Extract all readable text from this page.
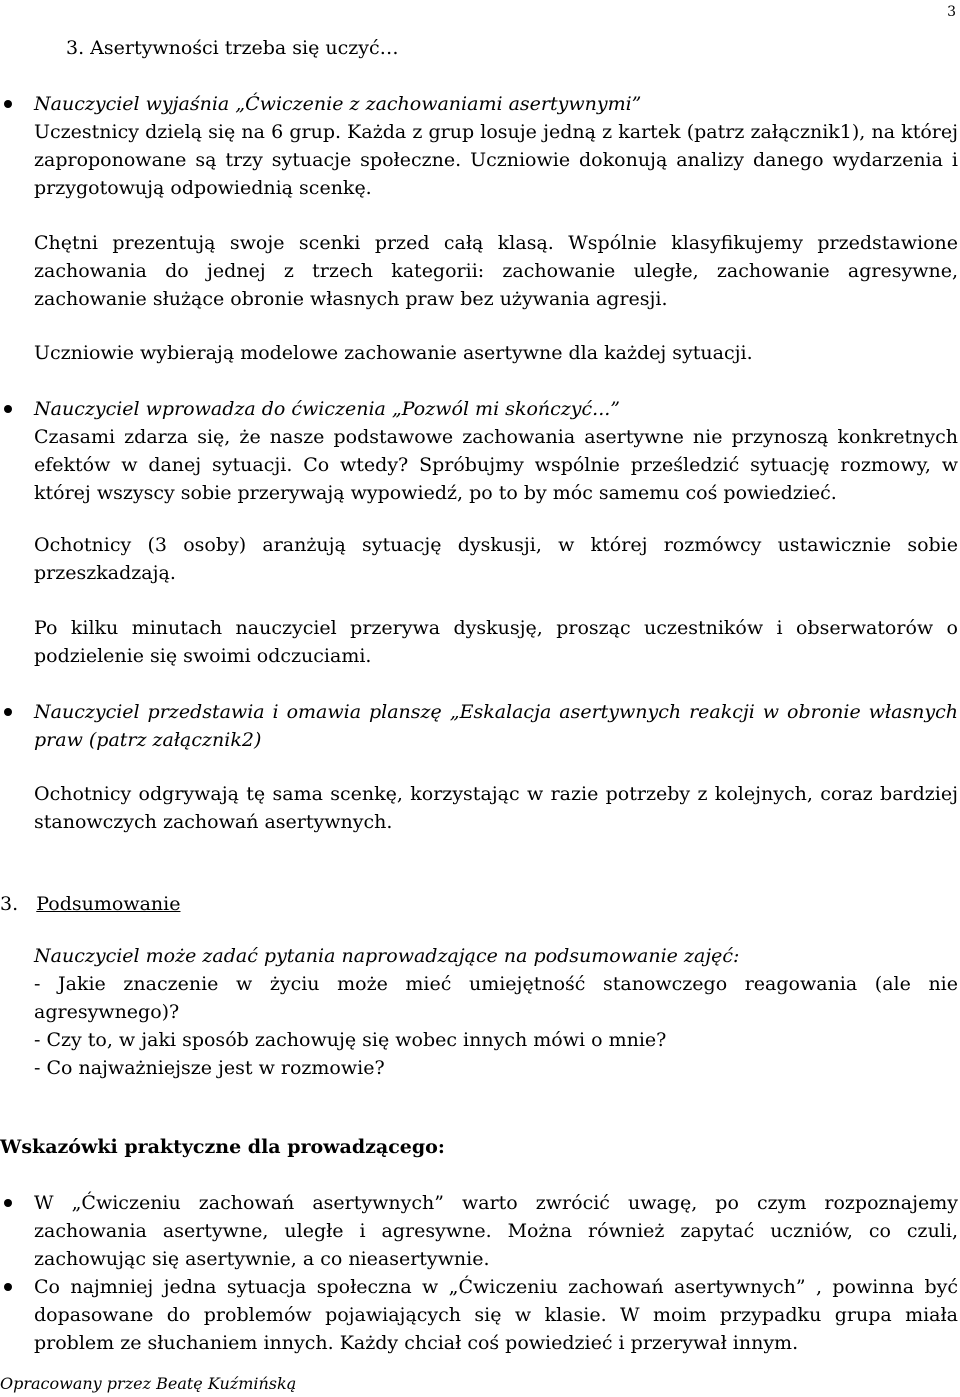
3

3. Asertywności trzeba się uczyć…

Nauczyciel wyjaśnia „Ćwiczenie z zachowaniami asertywnymi”

Uczestnicy dzielą się na 6 grup. Każda z grup losuje jedną z kartek (patrz załącznik1), na której zaproponowane są trzy sytuacje społeczne. Uczniowie dokonują analizy danego wydarzenia i przygotowują odpowiednią scenkę.

Chętni prezentują swoje scenki przed całą klasą. Wspólnie klasyfikujemy przedstawione zachowania do jednej z trzech kategorii: zachowanie uległe, zachowanie agresywne, zachowanie służące obronie własnych praw bez używania agresji.

Uczniowie wybierają modelowe zachowanie asertywne dla każdej sytuacji.

Nauczyciel wprowadza do ćwiczenia „Pozwól mi skończyć...”

Czasami zdarza się, że nasze podstawowe zachowania asertywne nie przynoszą konkretnych efektów w danej sytuacji. Co wtedy? Spróbujmy wspólnie prześledzić sytuację rozmowy, w której wszyscy sobie przerywają wypowiedź, po to by móc samemu coś powiedzieć.

Ochotnicy (3 osoby) aranżują sytuację dyskusji, w której rozmówcy ustawicznie sobie przeszkadzają.

Po kilku minutach nauczyciel przerywa dyskusję, prosząc uczestników i obserwatorów o podzielenie się swoimi odczuciami.

Nauczyciel przedstawia i omawia planszę „Eskalacja asertywnych reakcji w obronie własnych praw (patrz załącznik2)

Ochotnicy odgrywają tę sama scenkę, korzystając w razie potrzeby z kolejnych, coraz bardziej stanowczych zachowań asertywnych.

3. Podsumowanie

Nauczyciel może zadać pytania naprowadzające na podsumowanie zajęć:

- Jakie znaczenie w życiu może mieć umiejętność stanowczego reagowania (ale nie agresywnego)?

- Czy to, w jaki sposób zachowuję się wobec innych mówi o mnie?

- Co najważniejsze jest w rozmowie?

Wskazówki praktyczne dla prowadzącego:

W „Ćwiczeniu zachowań asertywnych” warto zwrócić uwagę, po czym rozpoznajemy zachowania asertywne, uległe i agresywne. Można również zapytać uczniów, co czuli, zachowując się asertywnie, a co nieasertywnie.

Co najmniej jedna sytuacja społeczna w „Ćwiczeniu zachowań asertywnych” , powinna być dopasowane do problemów pojawiających się w klasie. W moim przypadku grupa miała problem ze słuchaniem innych. Każdy chciał coś powiedzieć i przerywał innym.

Opracowany przez Beatę Kuźmińską
